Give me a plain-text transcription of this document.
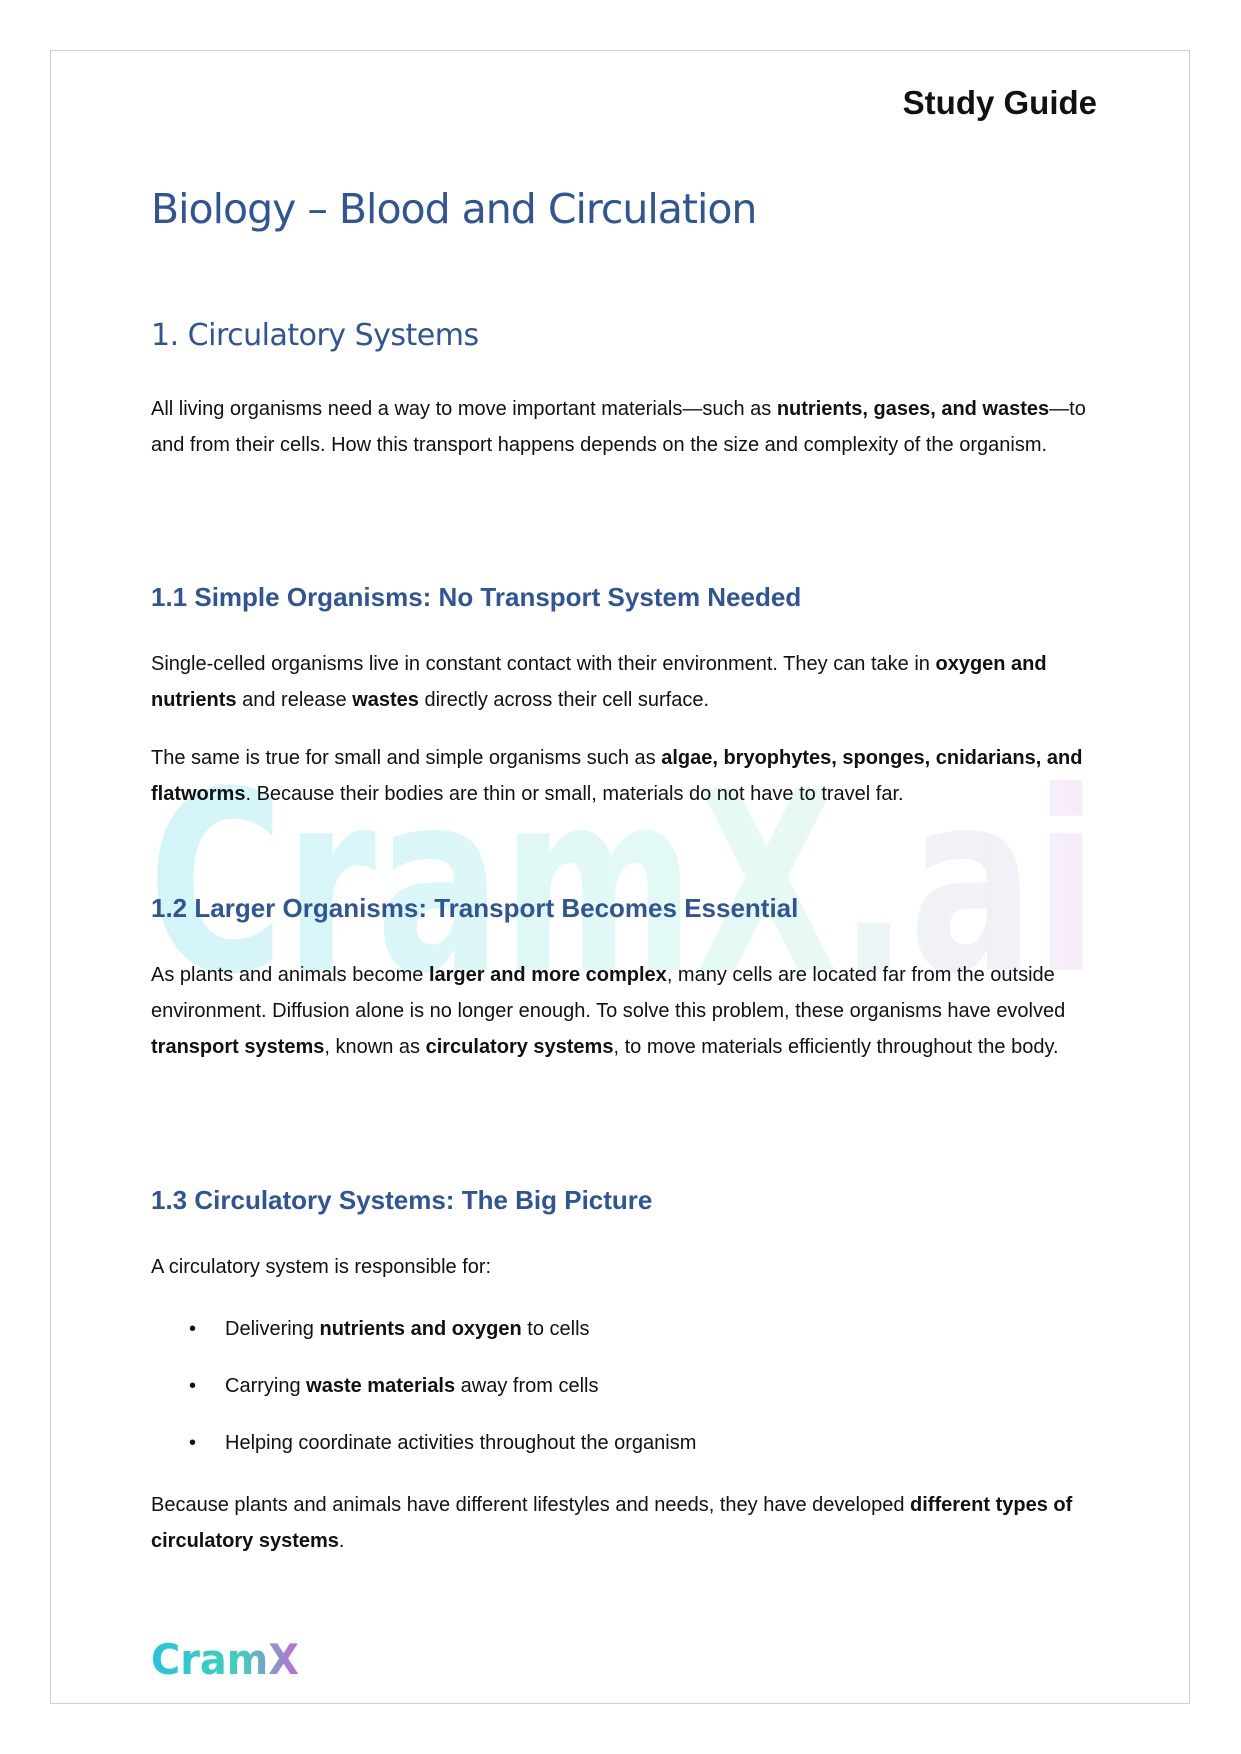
CramX.ai
Study Guide
Biology – Blood and Circulation
1. Circulatory Systems

All living organisms need a way to move important materials—such as nutrients, gases, and wastes—to and from their cells. How this transport happens depends on the size and complexity of the organism.

1.1 Simple Organisms: No Transport System Needed

Single-celled organisms live in constant contact with their environment. They can take in oxygen and nutrients and release wastes directly across their cell surface.

The same is true for small and simple organisms such as algae, bryophytes, sponges, cnidarians, and flatworms. Because their bodies are thin or small, materials do not have to travel far.

1.2 Larger Organisms: Transport Becomes Essential

As plants and animals become larger and more complex, many cells are located far from the outside environment. Diffusion alone is no longer enough. To solve this problem, these organisms have evolved transport systems, known as circulatory systems, to move materials efficiently throughout the body.

1.3 Circulatory Systems: The Big Picture

A circulatory system is responsible for:

• Delivering nutrients and oxygen to cells
• Carrying waste materials away from cells
• Helping coordinate activities throughout the organism

Because plants and animals have different lifestyles and needs, they have developed different types of circulatory systems.

CramX
